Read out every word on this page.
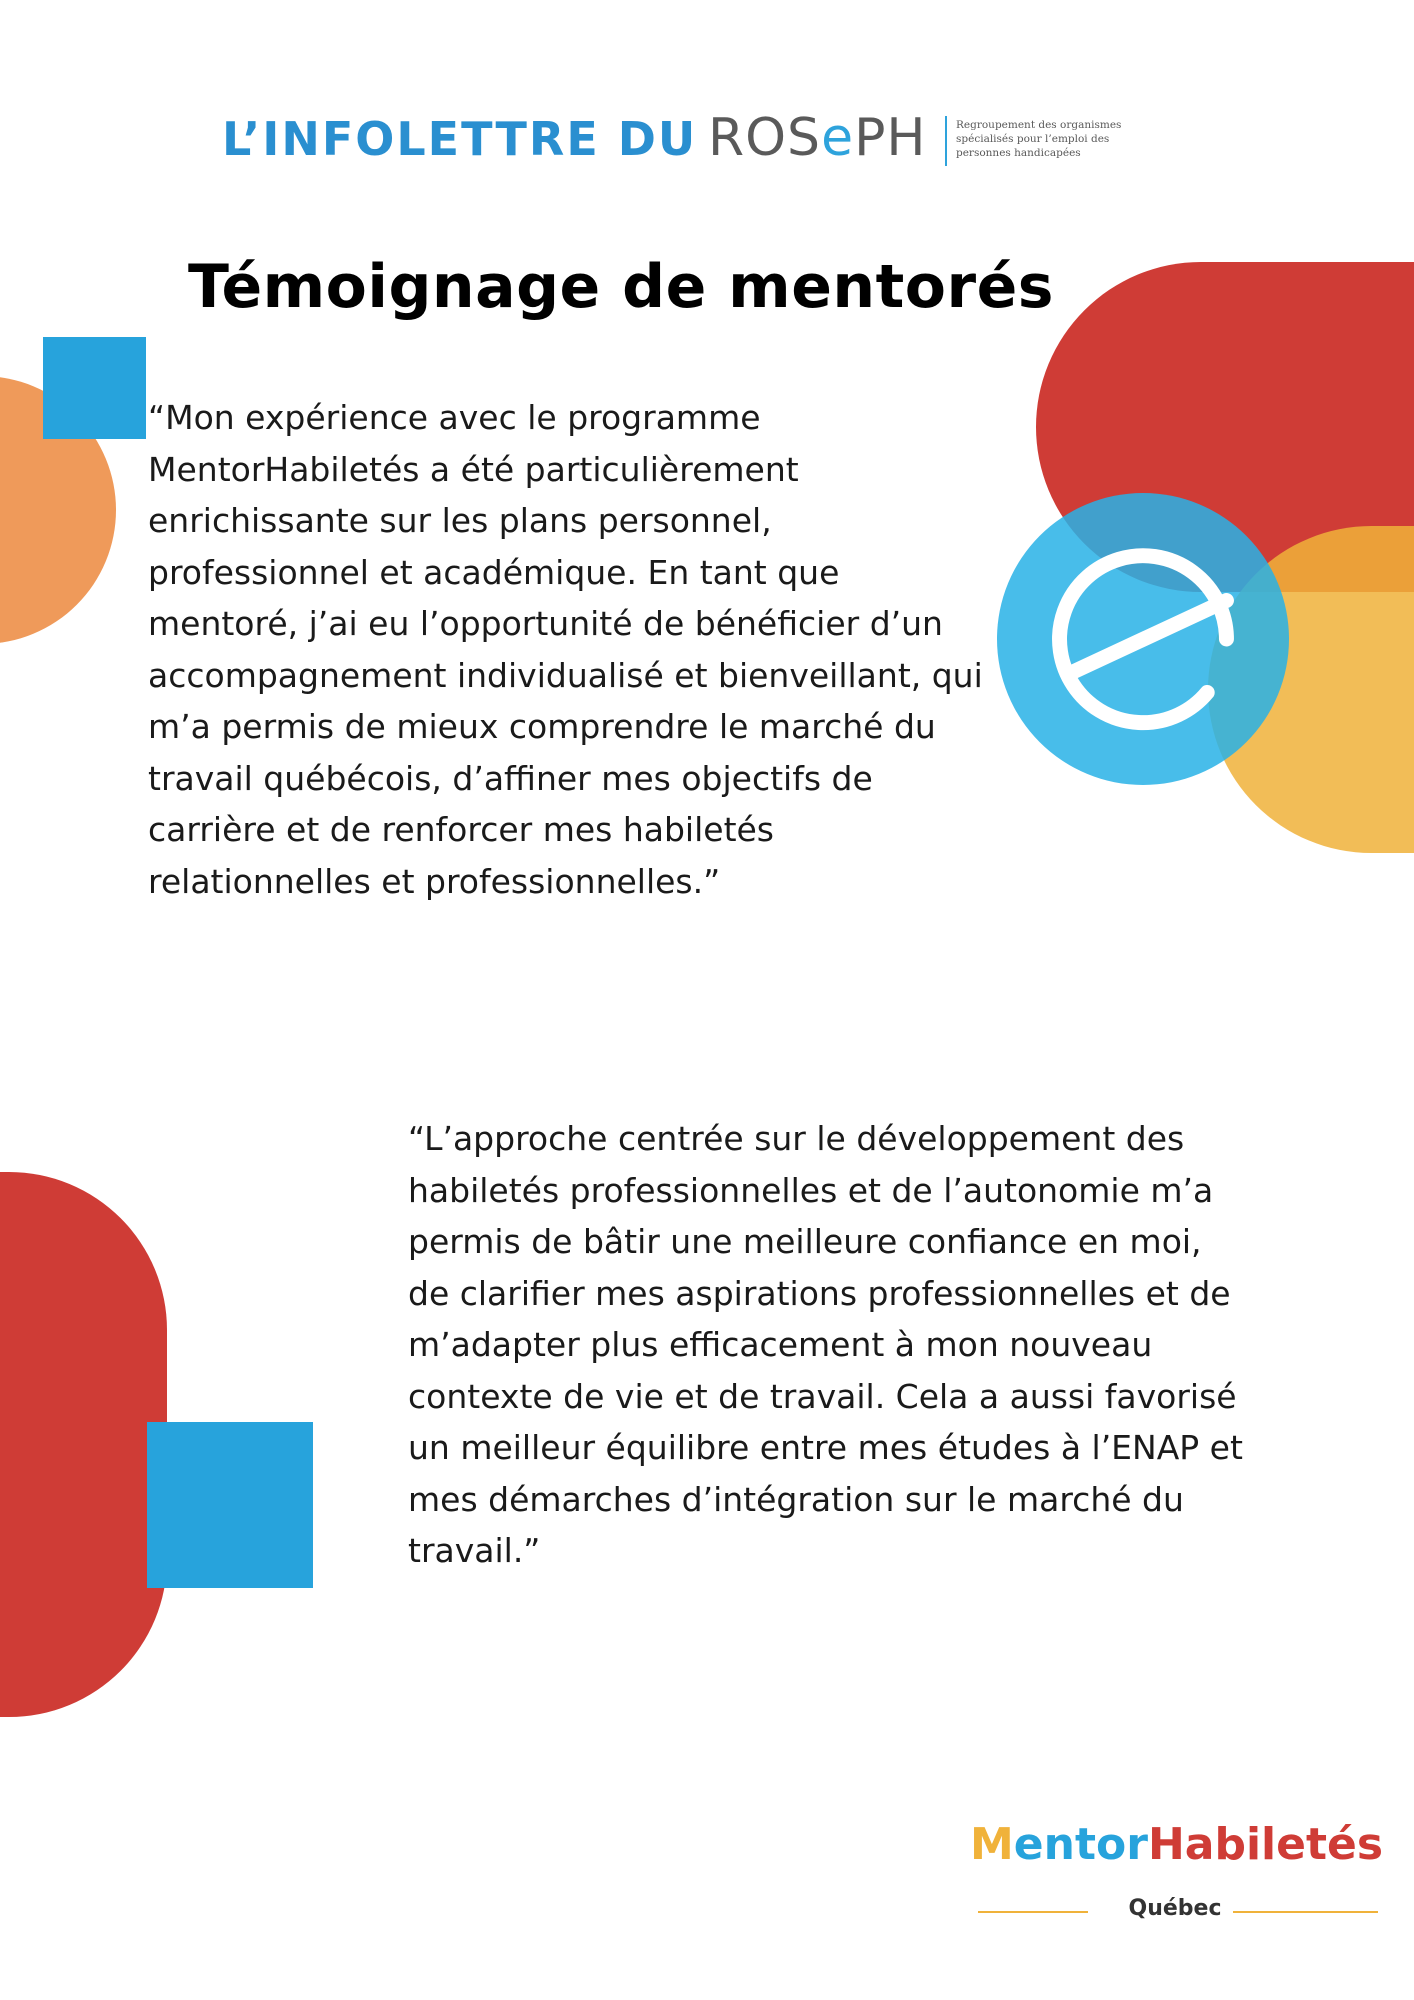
L’INFOLETTRE DU ROSePH	Regroupement des organismes
spécialisés pour l’emploi des
personnes handicapées
Témoignage de mentorés
“Mon expérience avec le programme
MentorHabiletés a été particulièrement
enrichissante sur les plans personnel,
professionnel et académique. En tant que
mentoré, j’ai eu l’opportunité de bénéficier d’un
accompagnement individualisé et bienveillant, qui
m’a permis de mieux comprendre le marché du
travail québécois, d’affiner mes objectifs de
carrière et de renforcer mes habiletés
relationnelles et professionnelles.”
“L’approche centrée sur le développement des
habiletés professionnelles et de l’autonomie m’a
permis de bâtir une meilleure confiance en moi,
de clarifier mes aspirations professionnelles et de
m’adapter plus efficacement à mon nouveau
contexte de vie et de travail. Cela a aussi favorisé
un meilleur équilibre entre mes études à l’ENAP et
mes démarches d’intégration sur le marché du
travail.”
MentorHabiletés
Québec
